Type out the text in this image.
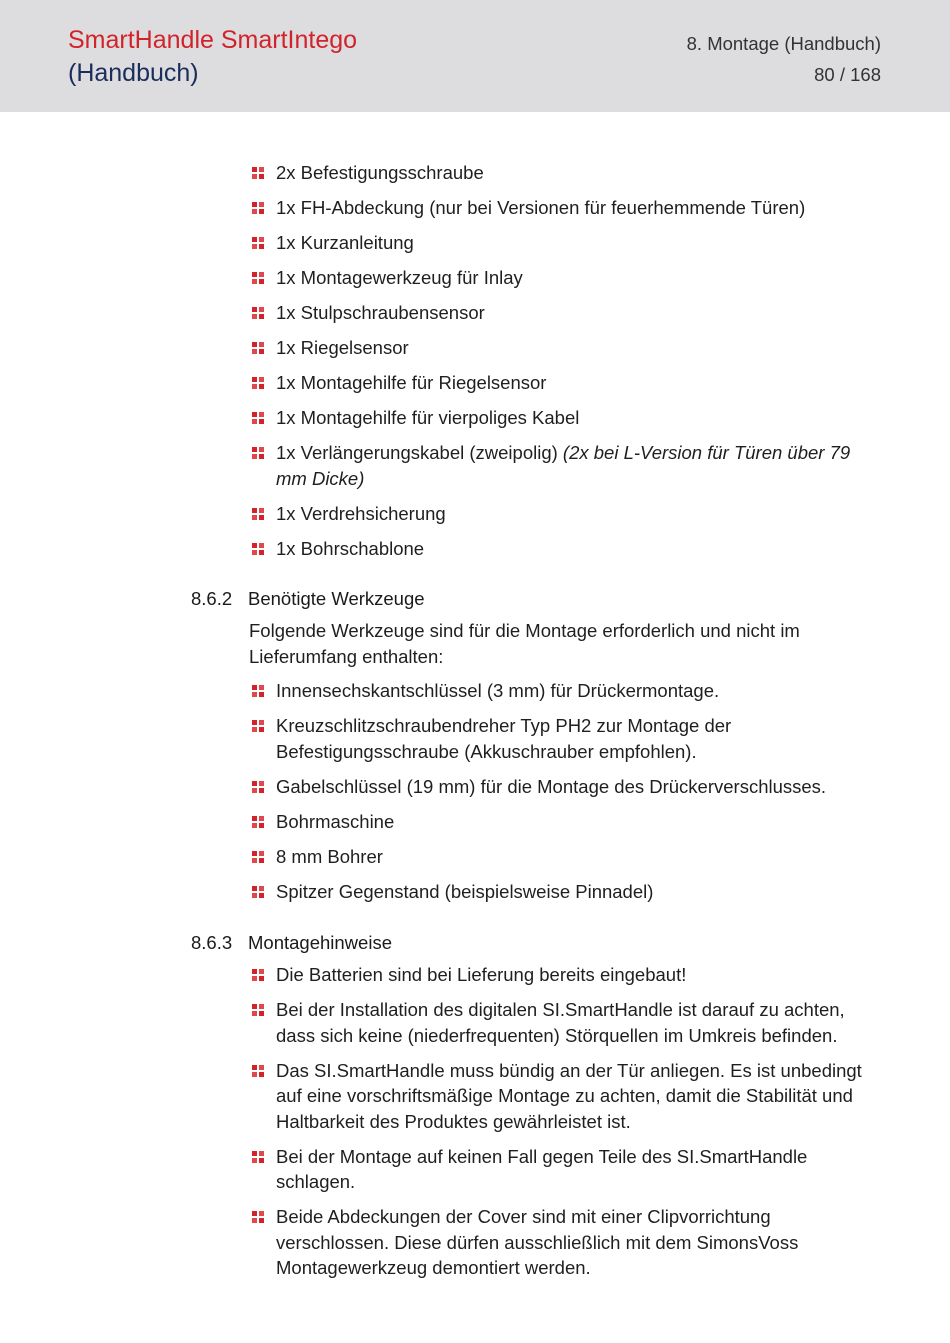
SmartHandle SmartIntego
(Handbuch)
8. Montage (Handbuch)
80 / 168
2x Befestigungsschraube
1x FH-Abdeckung (nur bei Versionen für feuerhemmende Türen)
1x Kurzanleitung
1x Montagewerkzeug für Inlay
1x Stulpschraubensensor
1x Riegelsensor
1x Montagehilfe für Riegelsensor
1x Montagehilfe für vierpoliges Kabel
1x Verlängerungskabel (zweipolig) (2x bei L-Version für Türen über 79 mm Dicke)
1x Verdrehsicherung
1x Bohrschablone
8.6.2 Benötigte Werkzeuge
Folgende Werkzeuge sind für die Montage erforderlich und nicht im Lieferumfang enthalten:
Innensechskantschlüssel (3 mm) für Drückermontage.
Kreuzschlitzschraubendreher Typ PH2 zur Montage der Befestigungsschraube (Akkuschrauber empfohlen).
Gabelschlüssel (19 mm) für die Montage des Drückerverschlusses.
Bohrmaschine
8 mm Bohrer
Spitzer Gegenstand (beispielsweise Pinnadel)
8.6.3 Montagehinweise
Die Batterien sind bei Lieferung bereits eingebaut!
Bei der Installation des digitalen SI.SmartHandle ist darauf zu achten, dass sich keine (niederfrequenten) Störquellen im Umkreis befinden.
Das SI.SmartHandle muss bündig an der Tür anliegen. Es ist unbedingt auf eine vorschriftsmäßige Montage zu achten, damit die Stabilität und Haltbarkeit des Produktes gewährleistet ist.
Bei der Montage auf keinen Fall gegen Teile des SI.SmartHandle schlagen.
Beide Abdeckungen der Cover sind mit einer Clipvorrichtung verschlossen. Diese dürfen ausschließlich mit dem SimonsVoss Montagewerkzeug demontiert werden.
